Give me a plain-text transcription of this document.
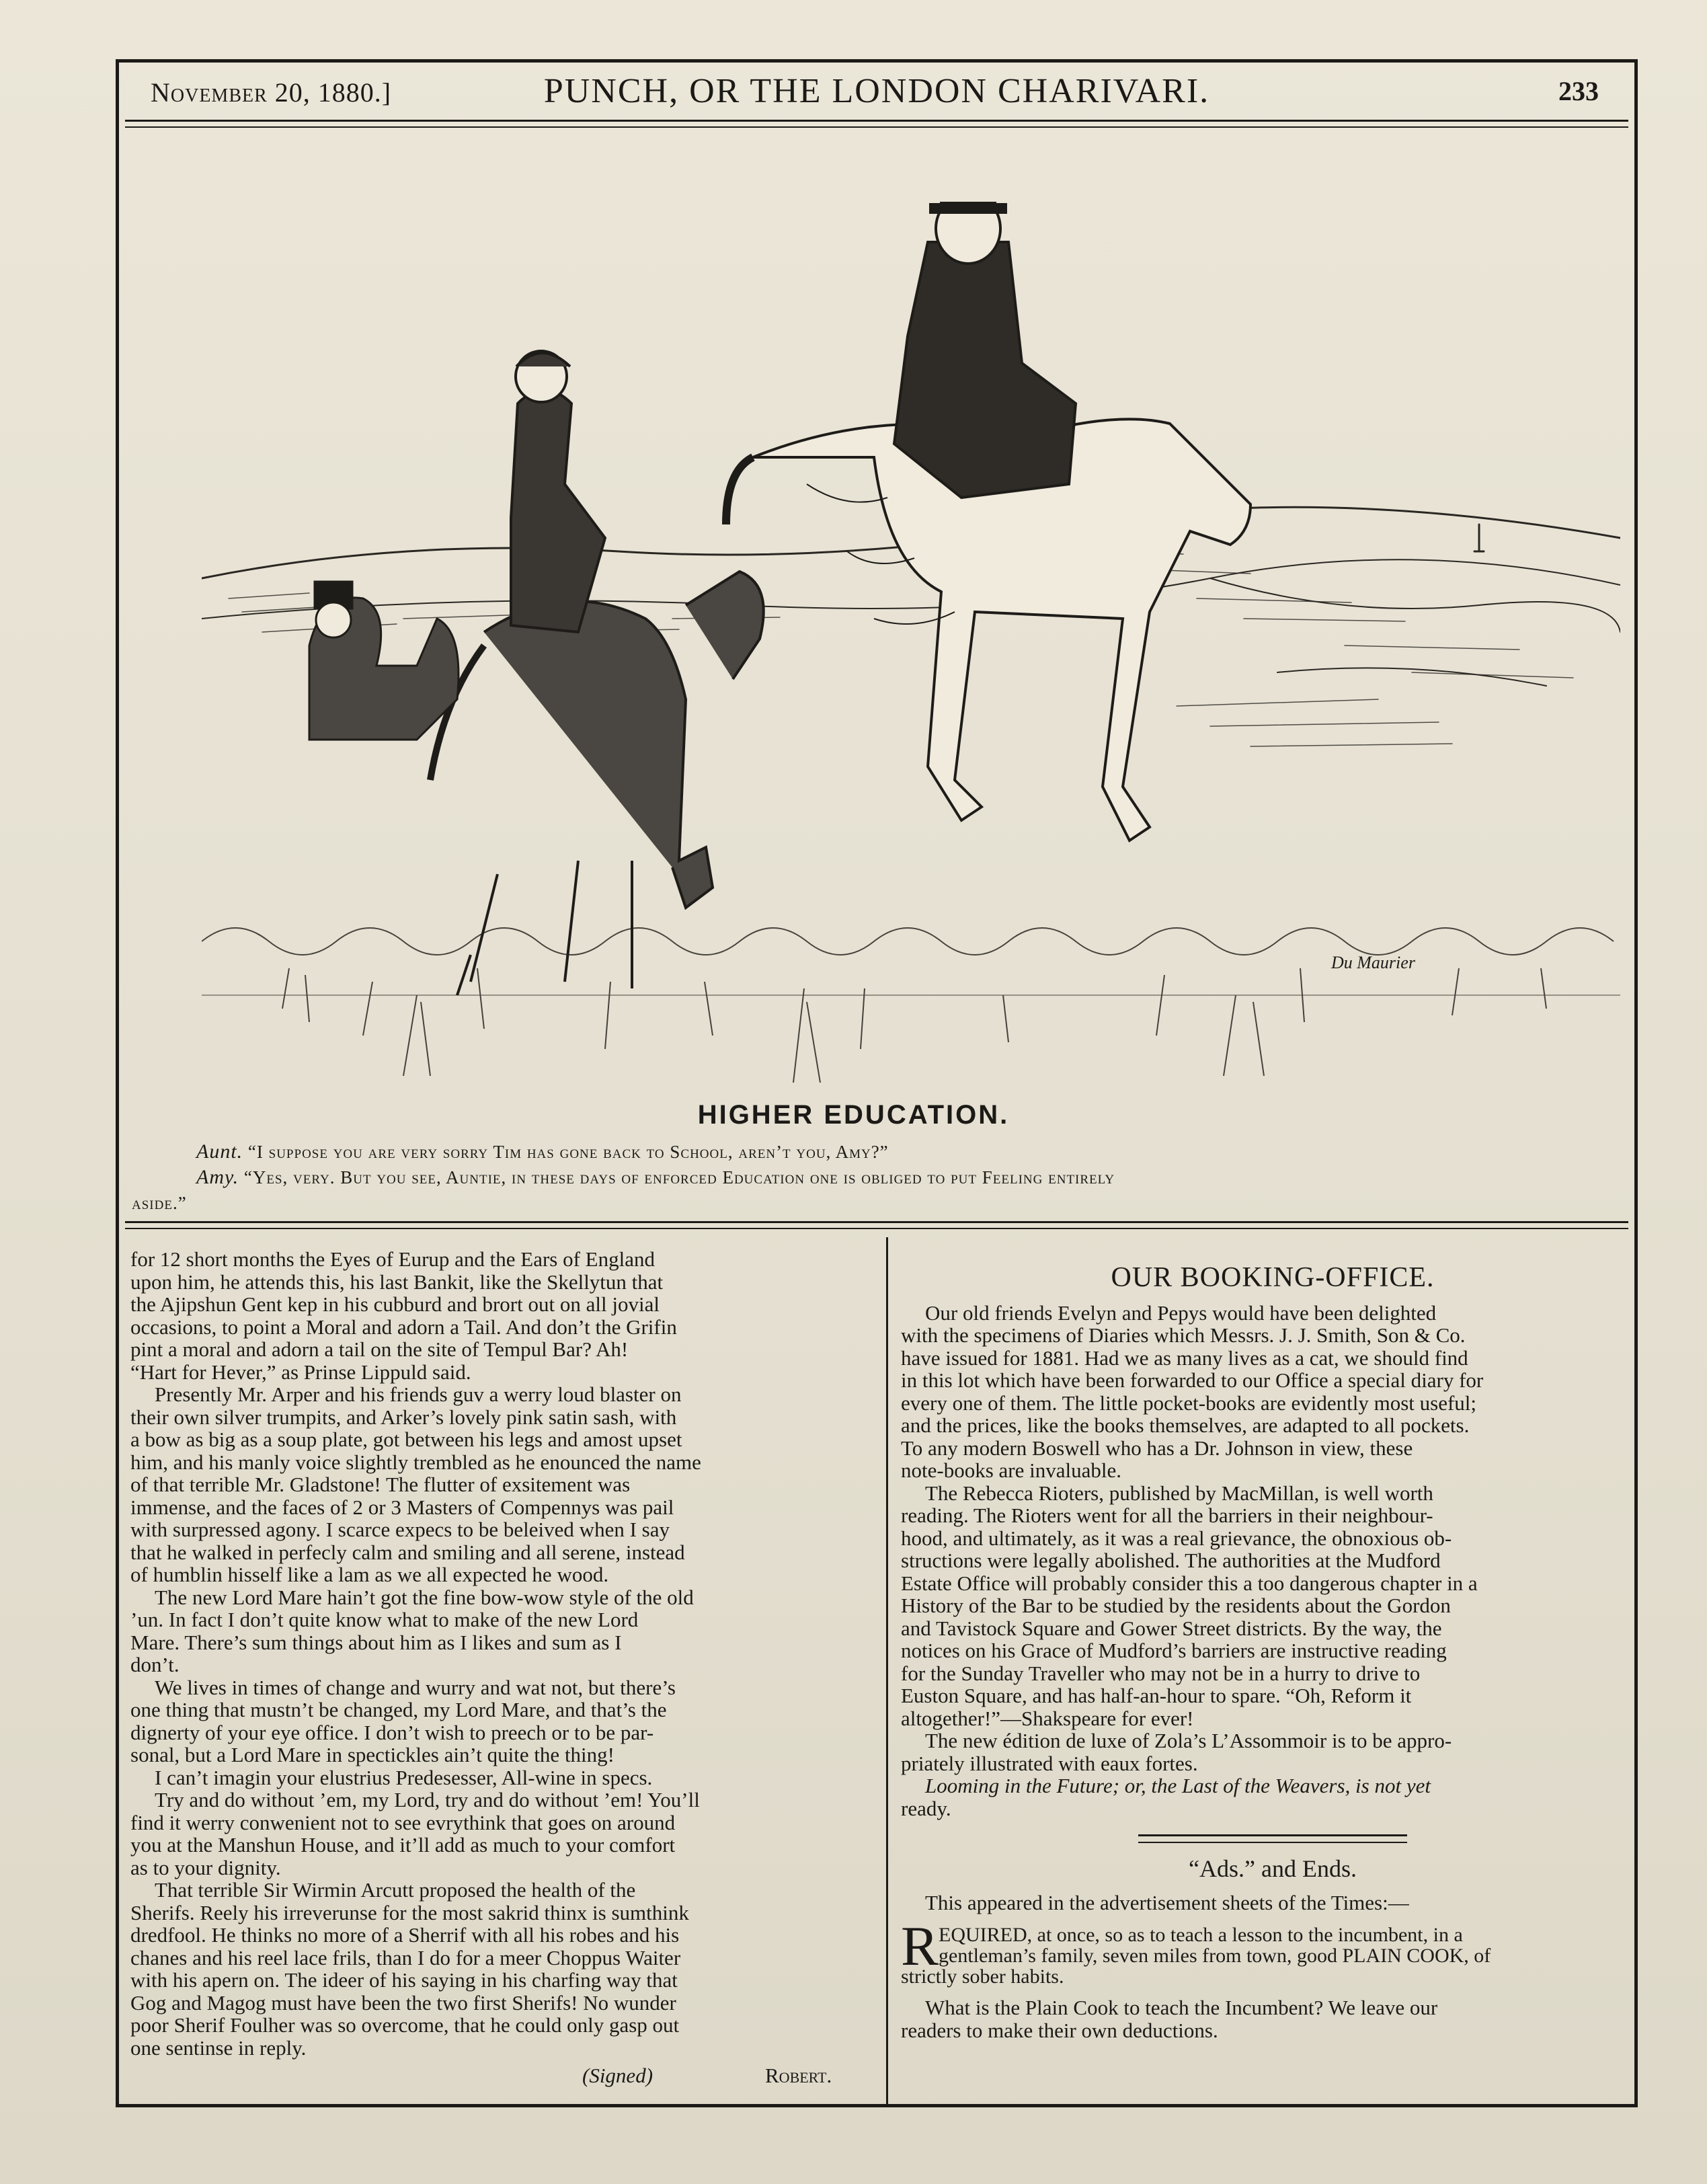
November 20, 1880.]	PUNCH, OR THE LONDON CHARIVARI.	233
Du Maurier
HIGHER EDUCATION.
Aunt. “I suppose you are very sorry Tim has gone back to School, aren’t you, Amy?”
Amy. “Yes, very. But you see, Auntie, in these days of enforced Education one is obliged to put Feeling entirely
aside.”
for 12 short months the Eyes of Eurup and the Ears of England
upon him, he attends this, his last Bankit, like the Skellytun that
the Ajipshun Gent kep in his cubburd and brort out on all jovial
occasions, to point a Moral and adorn a Tail. And don’t the Grifin
pint a moral and adorn a tail on the site of Tempul Bar? Ah!
“Hart for Hever,” as Prinse Lippuld said.
Presently Mr. Arper and his friends guv a werry loud blaster on
their own silver trumpits, and Arker’s lovely pink satin sash, with
a bow as big as a soup plate, got between his legs and amost upset
him, and his manly voice slightly trembled as he enounced the name
of that terrible Mr. Gladstone! The flutter of exsitement was
immense, and the faces of 2 or 3 Masters of Compennys was pail
with surpressed agony. I scarce expecs to be beleived when I say
that he walked in perfecly calm and smiling and all serene, instead
of humblin hisself like a lam as we all expected he wood.
The new Lord Mare hain’t got the fine bow-wow style of the old
’un. In fact I don’t quite know what to make of the new Lord
Mare. There’s sum things about him as I likes and sum as I
don’t.
We lives in times of change and wurry and wat not, but there’s
one thing that mustn’t be changed, my Lord Mare, and that’s the
dignerty of your eye office. I don’t wish to preech or to be par-
sonal, but a Lord Mare in spectickles ain’t quite the thing!
I can’t imagin your elustrius Predesesser, All-wine in specs.
Try and do without ’em, my Lord, try and do without ’em! You’ll
find it werry conwenient not to see evrythink that goes on around
you at the Manshun House, and it’ll add as much to your comfort
as to your dignity.
That terrible Sir Wirmin Arcutt proposed the health of the
Sherifs. Reely his irreverunse for the most sakrid thinx is sumthink
dredfool. He thinks no more of a Sherrif with all his robes and his
chanes and his reel lace frils, than I do for a meer Choppus Waiter
with his apern on. The ideer of his saying in his charfing way that
Gog and Magog must have been the two first Sherifs! No wunder
poor Sherif Foulher was so overcome, that he could only gasp out
one sentinse in reply.
(Signed)	Robert.
OUR BOOKING-OFFICE.
Our old friends Evelyn and Pepys would have been delighted
with the specimens of Diaries which Messrs. J. J. Smith, Son & Co.
have issued for 1881. Had we as many lives as a cat, we should find
in this lot which have been forwarded to our Office a special diary for
every one of them. The little pocket-books are evidently most useful;
and the prices, like the books themselves, are adapted to all pockets.
To any modern Boswell who has a Dr. Johnson in view, these
note-books are invaluable.
The Rebecca Rioters, published by MacMillan, is well worth
reading. The Rioters went for all the barriers in their neighbour-
hood, and ultimately, as it was a real grievance, the obnoxious ob-
structions were legally abolished. The authorities at the Mudford
Estate Office will probably consider this a too dangerous chapter in a
History of the Bar to be studied by the residents about the Gordon
and Tavistock Square and Gower Street districts. By the way, the
notices on his Grace of Mudford’s barriers are instructive reading
for the Sunday Traveller who may not be in a hurry to drive to
Euston Square, and has half-an-hour to spare. “Oh, Reform it
altogether!”—Shakspeare for ever!
The new édition de luxe of Zola’s L’Assommoir is to be appro-
priately illustrated with eaux fortes.
Looming in the Future; or, the Last of the Weavers, is not yet
ready.
“Ads.” and Ends.
This appeared in the advertisement sheets of the Times:—
R EQUIRED, at once, so as to teach a lesson to the incumbent, in a
gentleman’s family, seven miles from town, good PLAIN COOK, of
strictly sober habits.
What is the Plain Cook to teach the Incumbent? We leave our
readers to make their own deductions.
